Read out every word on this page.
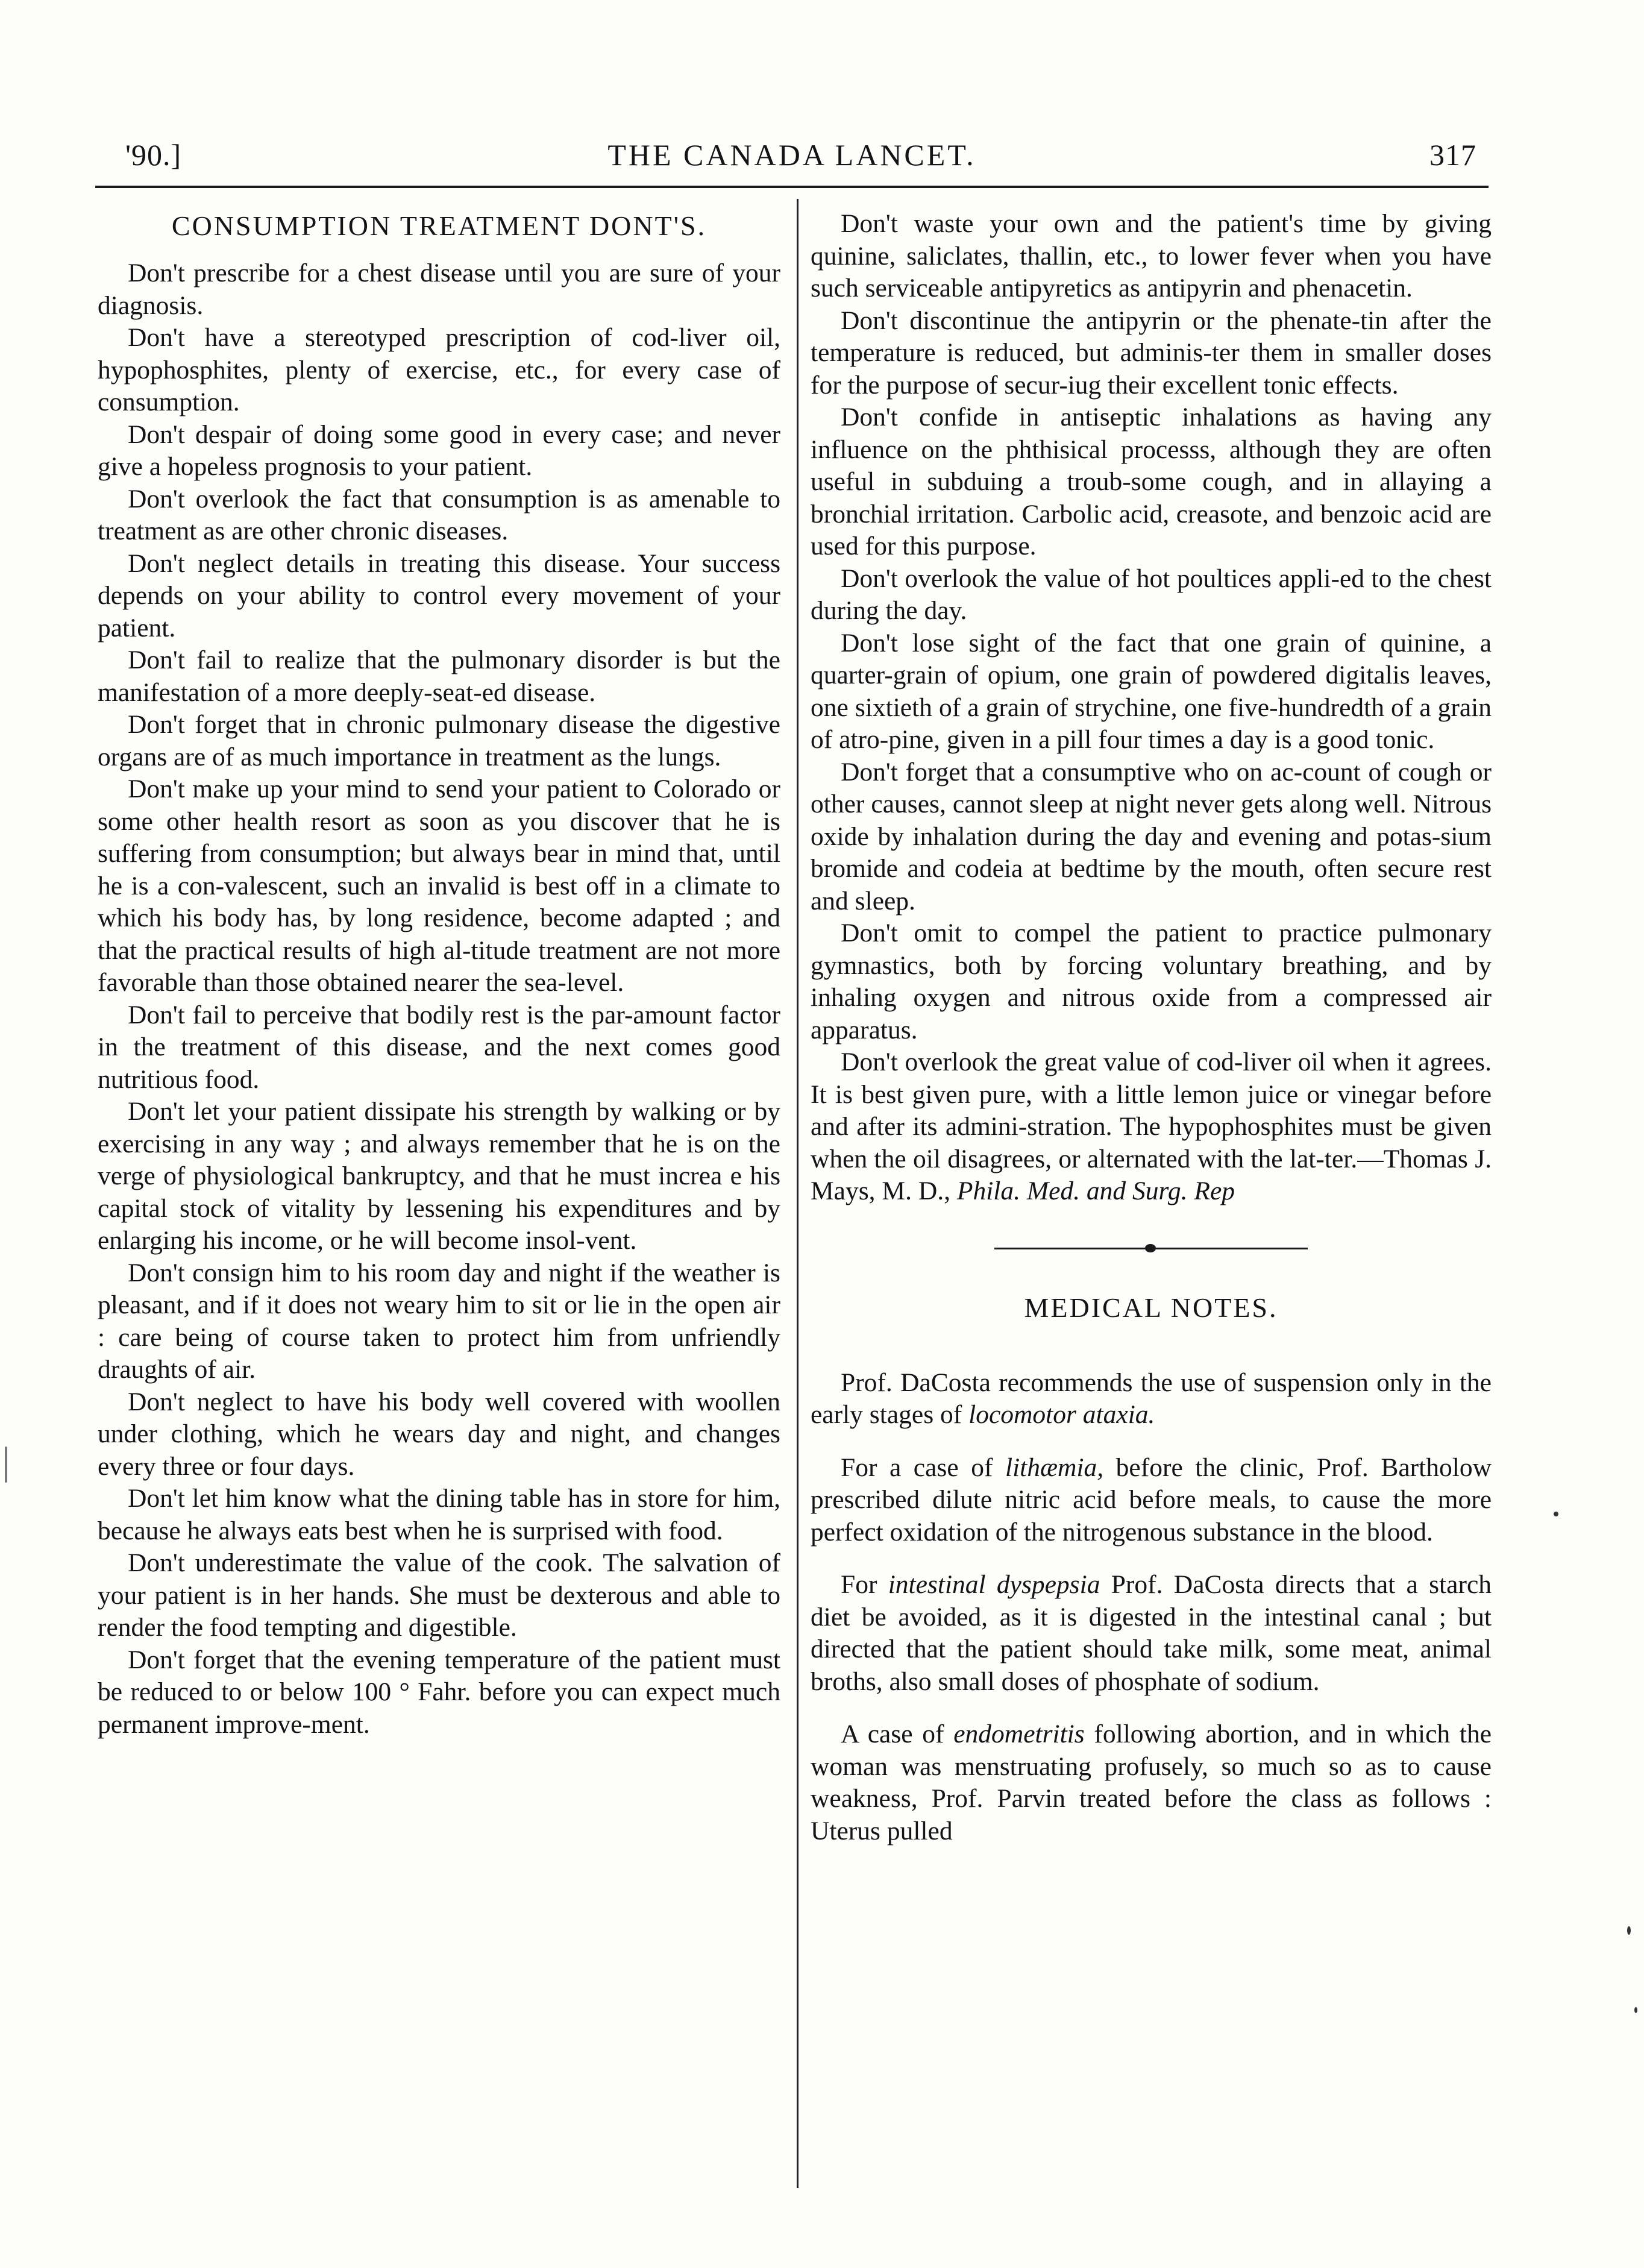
THE CANADA LANCET.
'90.]	317
CONSUMPTION TREATMENT DONT'S.

Don't prescribe for a chest disease until you are sure of your diagnosis.

Don't have a stereotyped prescription of cod-liver oil, hypophosphites, plenty of exercise, etc., for every case of consumption.

Don't despair of doing some good in every case; and never give a hopeless prognosis to your patient.

Don't overlook the fact that consumption is as amenable to treatment as are other chronic diseases.

Don't neglect details in treating this disease. Your success depends on your ability to control every movement of your patient.

Don't fail to realize that the pulmonary disorder is but the manifestation of a more deeply-seat-ed disease.

Don't forget that in chronic pulmonary disease the digestive organs are of as much importance in treatment as the lungs.

Don't make up your mind to send your patient to Colorado or some other health resort as soon as you discover that he is suffering from consumption; but always bear in mind that, until he is a con-valescent, such an invalid is best off in a climate to which his body has, by long residence, become adapted ; and that the practical results of high al-titude treatment are not more favorable than those obtained nearer the sea-level.

Don't fail to perceive that bodily rest is the par-amount factor in the treatment of this disease, and the next comes good nutritious food.

Don't let your patient dissipate his strength by walking or by exercising in any way ; and always remember that he is on the verge of physiological bankruptcy, and that he must increa e his capital stock of vitality by lessening his expenditures and by enlarging his income, or he will become insol-vent.

Don't consign him to his room day and night if the weather is pleasant, and if it does not weary him to sit or lie in the open air : care being of course taken to protect him from unfriendly draughts of air.

Don't neglect to have his body well covered with woollen under clothing, which he wears day and night, and changes every three or four days.

Don't let him know what the dining table has in store for him, because he always eats best when he is surprised with food.

Don't underestimate the value of the cook. The salvation of your patient is in her hands. She must be dexterous and able to render the food tempting and digestible.

Don't forget that the evening temperature of the patient must be reduced to or below 100 ° Fahr. before you can expect much permanent improve-ment.

Don't waste your own and the patient's time by giving quinine, saliclates, thallin, etc., to lower fever when you have such serviceable antipyretics as antipyrin and phenacetin.

Don't discontinue the antipyrin or the phenate-tin after the temperature is reduced, but adminis-ter them in smaller doses for the purpose of secur-iug their excellent tonic effects.

Don't confide in antiseptic inhalations as having any influence on the phthisical processs, although they are often useful in subduing a troub-some cough, and in allaying a bronchial irritation. Carbolic acid, creasote, and benzoic acid are used for this purpose.

Don't overlook the value of hot poultices appli-ed to the chest during the day.

Don't lose sight of the fact that one grain of quinine, a quarter-grain of opium, one grain of powdered digitalis leaves, one sixtieth of a grain of strychine, one five-hundredth of a grain of atro-pine, given in a pill four times a day is a good tonic.

Don't forget that a consumptive who on ac-count of cough or other causes, cannot sleep at night never gets along well. Nitrous oxide by inhalation during the day and evening and potas-sium bromide and codeia at bedtime by the mouth, often secure rest and sleep.

Don't omit to compel the patient to practice pulmonary gymnastics, both by forcing voluntary breathing, and by inhaling oxygen and nitrous oxide from a compressed air apparatus.

Don't overlook the great value of cod-liver oil when it agrees. It is best given pure, with a little lemon juice or vinegar before and after its admini-stration. The hypophosphites must be given when the oil disagrees, or alternated with the lat-ter.—Thomas J. Mays, M. D., Phila. Med. and Surg. Rep

MEDICAL NOTES.

Prof. DaCosta recommends the use of suspension only in the early stages of locomotor ataxia.

For a case of lithæmia, before the clinic, Prof. Bartholow prescribed dilute nitric acid before meals, to cause the more perfect oxidation of the nitrogenous substance in the blood.

For intestinal dyspepsia Prof. DaCosta directs that a starch diet be avoided, as it is digested in the intestinal canal ; but directed that the patient should take milk, some meat, animal broths, also small doses of phosphate of sodium.

A case of endometritis following abortion, and in which the woman was menstruating profusely, so much so as to cause weakness, Prof. Parvin treated before the class as follows : Uterus pulled
